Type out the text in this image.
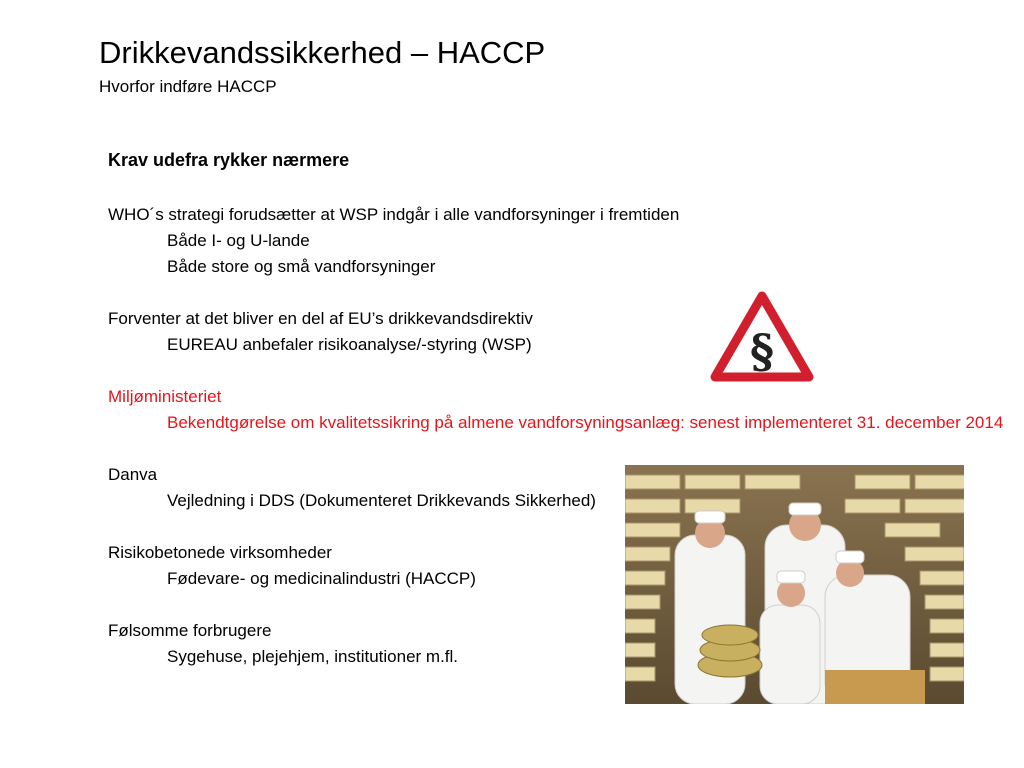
Drikkevandssikkerhed – HACCP
Hvorfor indføre HACCP
Krav udefra rykker nærmere
WHO´s strategi forudsætter at WSP indgår i alle vandforsyninger i fremtiden
Både I- og U-lande
Både store og små vandforsyninger
Forventer at det bliver en del af EU’s drikkevandsdirektiv
EUREAU anbefaler risikoanalyse/-styring (WSP)
Miljøministeriet
Bekendtgørelse om kvalitetssikring på almene vandforsyningsanlæg: senest implementeret 31. december 2014
Danva
Vejledning i DDS (Dokumenteret Drikkevands Sikkerhed)
Risikobetonede virksomheder
Fødevare- og medicinalindustri (HACCP)
Følsomme forbrugere
Sygehuse, plejehjem, institutioner m.fl.
§
